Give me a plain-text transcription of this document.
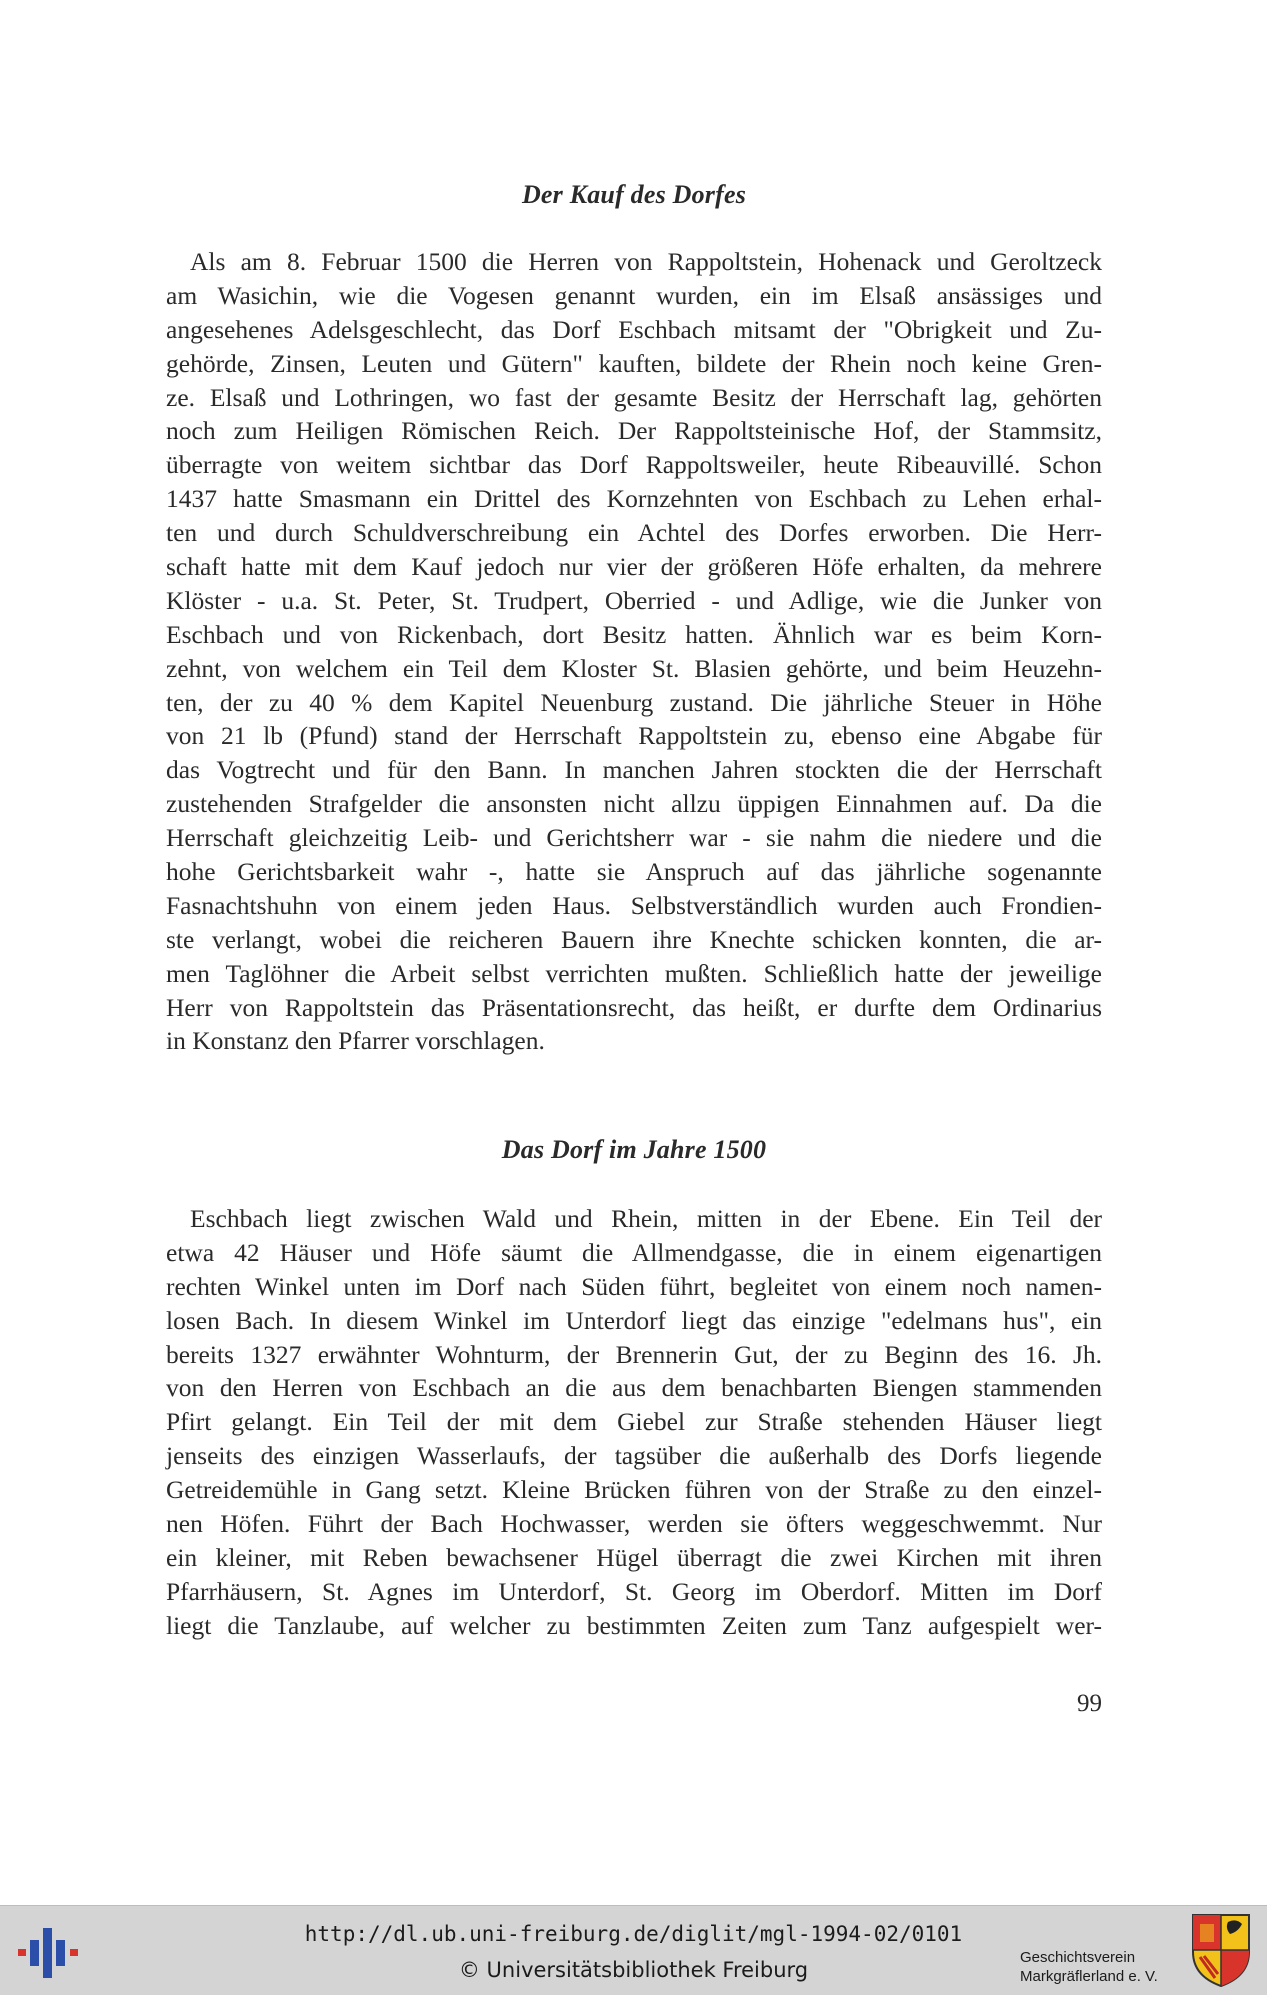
Der Kauf des Dorfes
Als am 8. Februar 1500 die Herren von Rappoltstein, Hohenack und Geroltzeck
am Wasichin, wie die Vogesen genannt wurden, ein im Elsaß ansässiges und
angesehenes Adelsgeschlecht, das Dorf Eschbach mitsamt der "Obrigkeit und Zu-
gehörde, Zinsen, Leuten und Gütern" kauften, bildete der Rhein noch keine Gren-
ze. Elsaß und Lothringen, wo fast der gesamte Besitz der Herrschaft lag, gehörten
noch zum Heiligen Römischen Reich. Der Rappoltsteinische Hof, der Stammsitz,
überragte von weitem sichtbar das Dorf Rappoltsweiler, heute Ribeauvillé. Schon
1437 hatte Smasmann ein Drittel des Kornzehnten von Eschbach zu Lehen erhal-
ten und durch Schuldverschreibung ein Achtel des Dorfes erworben. Die Herr-
schaft hatte mit dem Kauf jedoch nur vier der größeren Höfe erhalten, da mehrere
Klöster - u.a. St. Peter, St. Trudpert, Oberried - und Adlige, wie die Junker von
Eschbach und von Rickenbach, dort Besitz hatten. Ähnlich war es beim Korn-
zehnt, von welchem ein Teil dem Kloster St. Blasien gehörte, und beim Heuzehn-
ten, der zu 40 % dem Kapitel Neuenburg zustand. Die jährliche Steuer in Höhe
von 21 lb (Pfund) stand der Herrschaft Rappoltstein zu, ebenso eine Abgabe für
das Vogtrecht und für den Bann. In manchen Jahren stockten die der Herrschaft
zustehenden Strafgelder die ansonsten nicht allzu üppigen Einnahmen auf. Da die
Herrschaft gleichzeitig Leib- und Gerichtsherr war - sie nahm die niedere und die
hohe Gerichtsbarkeit wahr -, hatte sie Anspruch auf das jährliche sogenannte
Fasnachtshuhn von einem jeden Haus. Selbstverständlich wurden auch Frondien-
ste verlangt, wobei die reicheren Bauern ihre Knechte schicken konnten, die ar-
men Taglöhner die Arbeit selbst verrichten mußten. Schließlich hatte der jeweilige
Herr von Rappoltstein das Präsentationsrecht, das heißt, er durfte dem Ordinarius
in Konstanz den Pfarrer vorschlagen.
Das Dorf im Jahre 1500
Eschbach liegt zwischen Wald und Rhein, mitten in der Ebene. Ein Teil der
etwa 42 Häuser und Höfe säumt die Allmendgasse, die in einem eigenartigen
rechten Winkel unten im Dorf nach Süden führt, begleitet von einem noch namen-
losen Bach. In diesem Winkel im Unterdorf liegt das einzige "edelmans hus", ein
bereits 1327 erwähnter Wohnturm, der Brennerin Gut, der zu Beginn des 16. Jh.
von den Herren von Eschbach an die aus dem benachbarten Biengen stammenden
Pfirt gelangt. Ein Teil der mit dem Giebel zur Straße stehenden Häuser liegt
jenseits des einzigen Wasserlaufs, der tagsüber die außerhalb des Dorfs liegende
Getreidemühle in Gang setzt. Kleine Brücken führen von der Straße zu den einzel-
nen Höfen. Führt der Bach Hochwasser, werden sie öfters weggeschwemmt. Nur
ein kleiner, mit Reben bewachsener Hügel überragt die zwei Kirchen mit ihren
Pfarrhäusern, St. Agnes im Unterdorf, St. Georg im Oberdorf. Mitten im Dorf
liegt die Tanzlaube, auf welcher zu bestimmten Zeiten zum Tanz aufgespielt wer-
99
http://dl.ub.uni-freiburg.de/diglit/mgl-1994-02/0101
© Universitätsbibliothek Freiburg
Geschichtsverein
Markgräflerland e. V.
